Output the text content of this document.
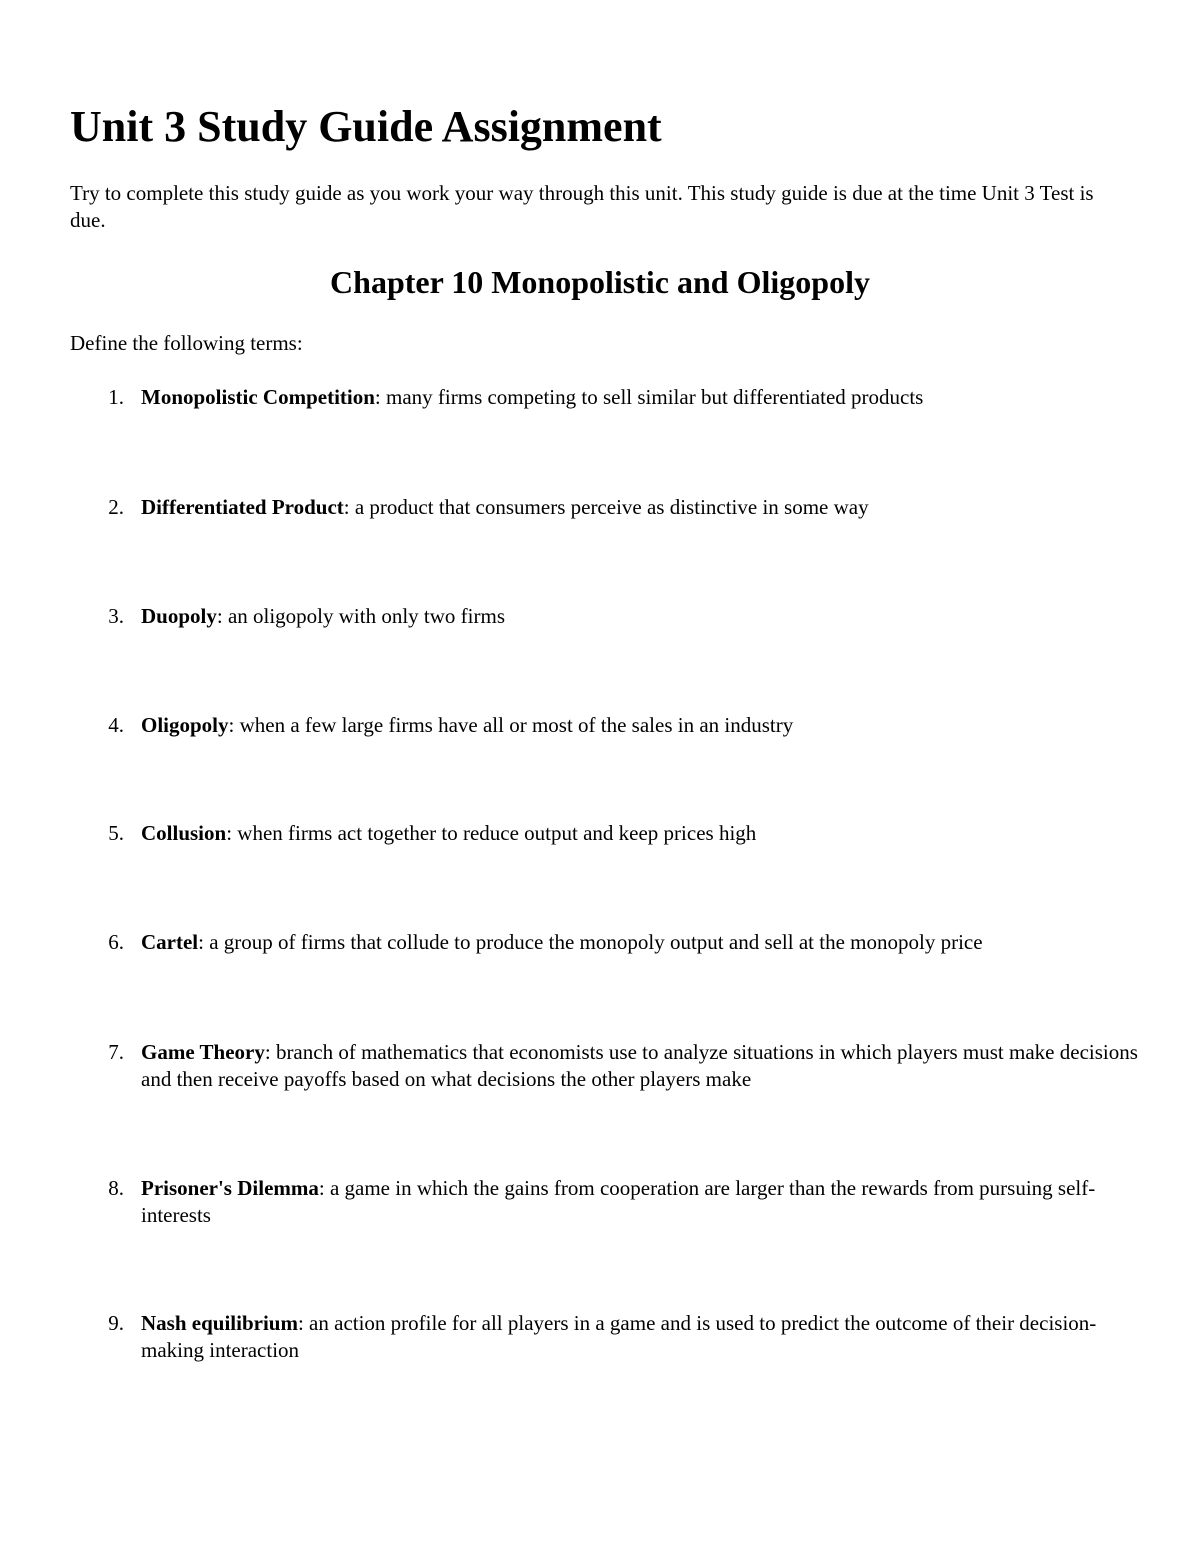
Unit 3 Study Guide Assignment

Try to complete this study guide as you work your way through this unit. This study guide is due at the time Unit 3 Test is due.

Chapter 10 Monopolistic and Oligopoly

Define the following terms:

1. Monopolistic Competition: many firms competing to sell similar but differentiated products

2. Differentiated Product: a product that consumers perceive as distinctive in some way

3. Duopoly: an oligopoly with only two firms

4. Oligopoly: when a few large firms have all or most of the sales in an industry

5. Collusion: when firms act together to reduce output and keep prices high

6. Cartel: a group of firms that collude to produce the monopoly output and sell at the monopoly price

7. Game Theory: branch of mathematics that economists use to analyze situations in which players must make decisions and then receive payoffs based on what decisions the other players make

8. Prisoner's Dilemma: a game in which the gains from cooperation are larger than the rewards from pursuing self-interests

9. Nash equilibrium: an action profile for all players in a game and is used to predict the outcome of their decision-making interaction
